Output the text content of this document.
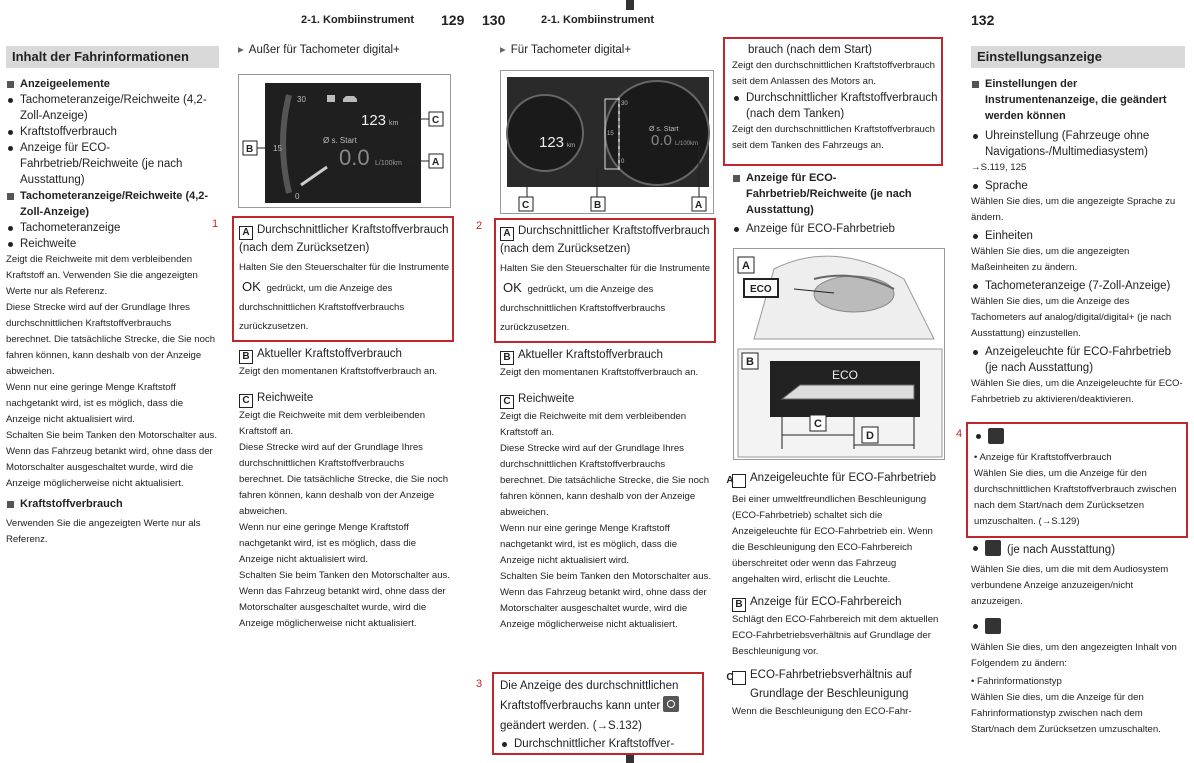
2-1. Kombiinstrument 129 130	2-1. Kombiinstrument	132
Inhalt der Fahrinformationen
Anzeigeelemente
Tachometeranzeige/Reichweite (4,2-Zoll-Anzeige)
Kraftstoffverbrauch
Anzeige für ECO-Fahrbetrieb/Reichweite (je nach Ausstattung)
Tachometeranzeige/Reichweite (4,2-Zoll-Anzeige)
Tachometeranzeige
Reichweite
Zeigt die Reichweite mit dem verbleibenden Kraftstoff an. Verwenden Sie die angezeigten Werte nur als Referenz.
Diese Strecke wird auf der Grundlage Ihres durchschnittlichen Kraftstoffverbrauchs berechnet. Die tatsächliche Strecke, die Sie noch fahren können, kann deshalb von der Anzeige abweichen.
Wenn nur eine geringe Menge Kraftstoff nachgetankt wird, ist es möglich, dass die Anzeige nicht aktualisiert wird.
Schalten Sie beim Tanken den Motorschalter aus. Wenn das Fahrzeug betankt wird, ohne dass der Motorschalter ausgeschaltet wurde, wird die Anzeige möglicherweise nicht aktualisiert.
Kraftstoffverbrauch
Verwenden Sie die angezeigten Werte nur als Referenz.
▸ Außer für Tachometer digital+
30
15
0
123 km
Ø s. Start
0.0 L/100km
C
B
A
1
A Durchschnittlicher Kraftstoffverbrauch (nach dem Zurücksetzen)
Halten Sie den Steuerschalter für die Instrumente OK gedrückt, um die Anzeige des durchschnittlichen Kraftstoffverbrauchs zurückzusetzen.
B Aktueller Kraftstoffverbrauch
Zeigt den momentanen Kraftstoffverbrauch an.
C Reichweite
Zeigt die Reichweite mit dem verbleibenden Kraftstoff an.
Diese Strecke wird auf der Grundlage Ihres durchschnittlichen Kraftstoffverbrauchs berechnet. Die tatsächliche Strecke, die Sie noch fahren können, kann deshalb von der Anzeige abweichen.
Wenn nur eine geringe Menge Kraftstoff nachgetankt wird, ist es möglich, dass die Anzeige nicht aktualisiert wird.
Schalten Sie beim Tanken den Motorschalter aus. Wenn das Fahrzeug betankt wird, ohne dass der Motorschalter ausgeschaltet wurde, wird die Anzeige möglicherweise nicht aktualisiert.
▸ Für Tachometer digital+
30
15
0
123 km
Ø s. Start
0.0 L/100km
C	B	A
2
A Durchschnittlicher Kraftstoffverbrauch (nach dem Zurücksetzen)
Halten Sie den Steuerschalter für die Instrumente OK gedrückt, um die Anzeige des durchschnittlichen Kraftstoffverbrauchs zurückzusetzen.
B Aktueller Kraftstoffverbrauch
Zeigt den momentanen Kraftstoffverbrauch an.
C Reichweite
Zeigt die Reichweite mit dem verbleibenden Kraftstoff an.
Diese Strecke wird auf der Grundlage Ihres durchschnittlichen Kraftstoffverbrauchs berechnet. Die tatsächliche Strecke, die Sie noch fahren können, kann deshalb von der Anzeige abweichen.
Wenn nur eine geringe Menge Kraftstoff nachgetankt wird, ist es möglich, dass die Anzeige nicht aktualisiert wird.
Schalten Sie beim Tanken den Motorschalter aus. Wenn das Fahrzeug betankt wird, ohne dass der Motorschalter ausgeschaltet wurde, wird die Anzeige möglicherweise nicht aktualisiert.
3 Die Anzeige des durchschnittlichen Kraftstoffverbrauchs kann unter  geändert werden. (→S.132)
Durchschnittlicher Kraftstoffver-
brauch (nach dem Start)
Zeigt den durchschnittlichen Kraftstoffverbrauch seit dem Anlassen des Motors an.
Durchschnittlicher Kraftstoffverbrauch (nach dem Tanken)
Zeigt den durchschnittlichen Kraftstoffverbrauch seit dem Tanken des Fahrzeugs an.
Anzeige für ECO-Fahrbetrieb/Reichweite (je nach Ausstattung)
Anzeige für ECO-Fahrbetrieb
A
ECO
B
ECO
C
D
A Anzeigeleuchte für ECO-Fahrbetrieb
Bei einer umweltfreundlichen Beschleunigung (ECO-Fahrbetrieb) schaltet sich die Anzeigeleuchte für ECO-Fahrbetrieb ein. Wenn die Beschleunigung den ECO-Fahrbereich überschreitet oder wenn das Fahrzeug angehalten wird, erlischt die Leuchte.
B Anzeige für ECO-Fahrbereich
Schlägt den ECO-Fahrbereich mit dem aktuellen ECO-Fahrbetriebsverhältnis auf Grundlage der Beschleunigung vor.
C ECO-Fahrbetriebsverhältnis auf Grundlage der Beschleunigung
Wenn die Beschleunigung den ECO-Fahr-
Einstellungsanzeige
Einstellungen der Instrumentenanzeige, die geändert werden können
Uhreinstellung (Fahrzeuge ohne Navigations-/Multimediasystem)
→S.119, 125
Sprache
Wählen Sie dies, um die angezeigte Sprache zu ändern.
Einheiten
Wählen Sie dies, um die angezeigten Maßeinheiten zu ändern.
Tachometeranzeige (7-Zoll-Anzeige)
Wählen Sie dies, um die Anzeige des Tachometers auf analog/digital/digital+ (je nach Ausstattung) einzustellen.
Anzeigeleuchte für ECO-Fahrbetrieb (je nach Ausstattung)
Wählen Sie dies, um die Anzeigeleuchte für ECO-Fahrbetrieb zu aktivieren/deaktivieren.
4
• Anzeige für Kraftstoffverbrauch
Wählen Sie dies, um die Anzeige für den durchschnittlichen Kraftstoffverbrauch zwischen nach dem Start/nach dem Zurücksetzen umzuschalten. (→S.129)
(je nach Ausstattung)
Wählen Sie dies, um die mit dem Audiosystem verbundene Anzeige anzuzeigen/nicht anzuzeigen.
Wählen Sie dies, um den angezeigten Inhalt von Folgendem zu ändern:
• Fahrinformationstyp
Wählen Sie dies, um die Anzeige für den Fahrinformationstyp zwischen nach dem Start/nach dem Zurücksetzen umzuschalten.
